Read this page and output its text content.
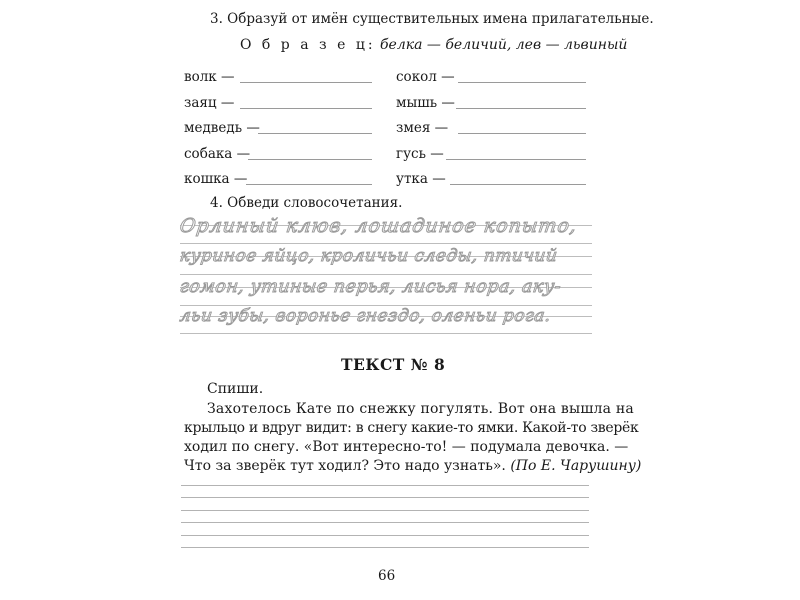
3. Образуй от имён существительных имена прилагательные.
О б р а з е ц: белка — беличий, лев — львиный
волк —
заяц —
медведь —
собака —
кошка —
сокол —
мышь —
змея —
гусь —
утка —
4. Обведи словосочетания.
Орлиный клюв, лошадиное копыто,
куриное яйцо, кроличьи следы, птичий
гомон, утиные перья, лисья нора, аку-
льи зубы, воронье гнездо, оленьи рога.
ТЕКСТ № 8
Спиши.
Захотелось Кате по снежку погулять. Вот она вышла на
крыльцо и вдруг видит: в снегу какие-то ямки. Какой-то зверёк
ходил по снегу. «Вот интересно-то! — подумала девочка. —
Что за зверёк тут ходил? Это надо узнать». (По Е. Чарушину)
66
